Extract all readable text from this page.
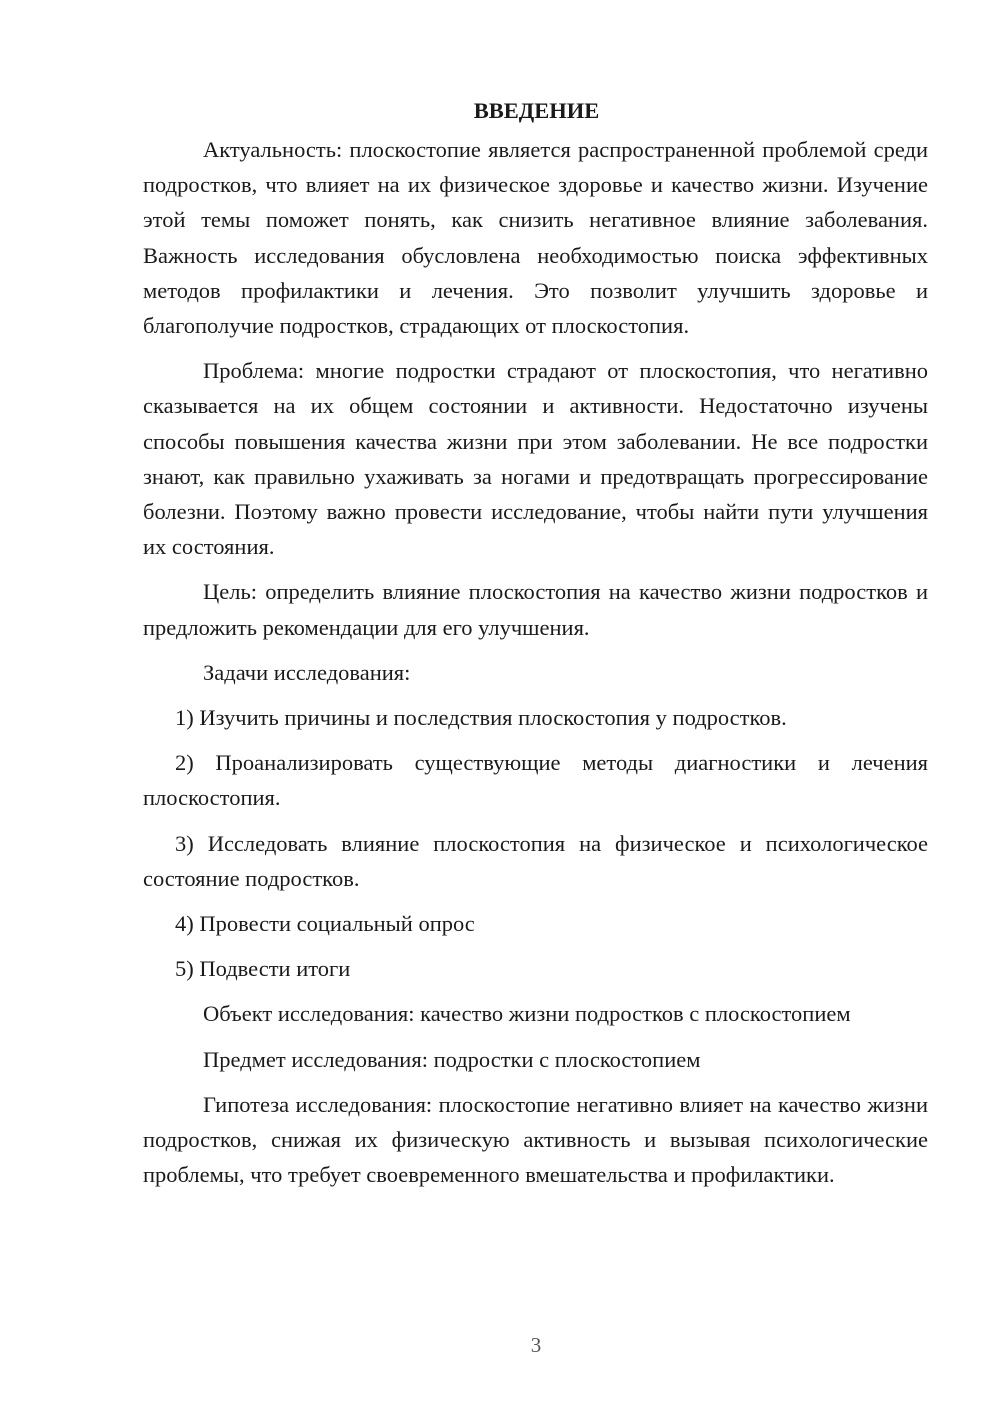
ВВЕДЕНИЕ

Актуальность: плоскостопие является распространенной проблемой среди подростков, что влияет на их физическое здоровье и качество жизни. Изучение этой темы поможет понять, как снизить негативное влияние заболевания. Важность исследования обусловлена необходимостью поиска эффективных методов профилактики и лечения. Это позволит улучшить здоровье и благополучие подростков, страдающих от плоскостопия.

Проблема: многие подростки страдают от плоскостопия, что негативно сказывается на их общем состоянии и активности. Недостаточно изучены способы повышения качества жизни при этом заболевании. Не все подростки знают, как правильно ухаживать за ногами и предотвращать прогрессирование болезни. Поэтому важно провести исследование, чтобы найти пути улучшения их состояния.

Цель: определить влияние плоскостопия на качество жизни подростков и предложить рекомендации для его улучшения.

Задачи исследования:

1) Изучить причины и последствия плоскостопия у подростков.

2) Проанализировать существующие методы диагностики и лечения плоскостопия.

3) Исследовать влияние плоскостопия на физическое и психологическое состояние подростков.

4) Провести социальный опрос

5) Подвести итоги

Объект исследования: качество жизни подростков с плоскостопием

Предмет исследования: подростки с плоскостопием

Гипотеза исследования: плоскостопие негативно влияет на качество жизни подростков, снижая их физическую активность и вызывая психологические проблемы, что требует своевременного вмешательства и профилактики.

3
